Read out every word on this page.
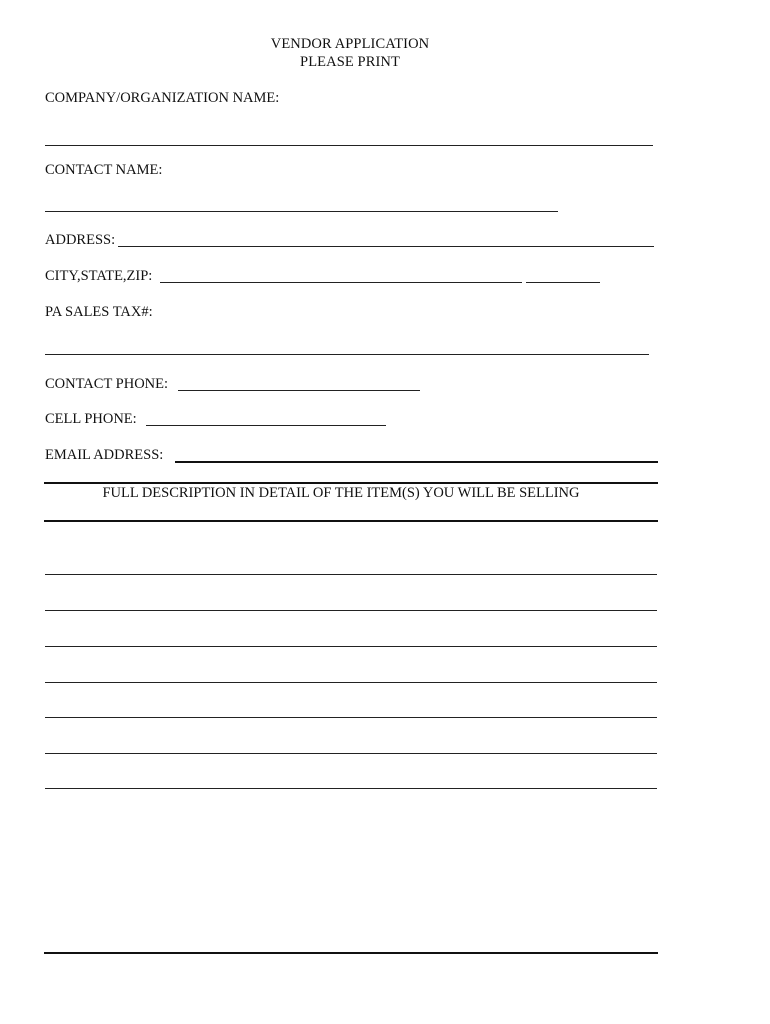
VENDOR APPLICATION
PLEASE PRINT
COMPANY/ORGANIZATION NAME:
CONTACT NAME:
ADDRESS:
CITY,STATE,ZIP:
PA SALES TAX#:
CONTACT PHONE:
CELL PHONE:
EMAIL ADDRESS:
FULL DESCRIPTION IN DETAIL OF THE ITEM(S) YOU WILL BE SELLING
